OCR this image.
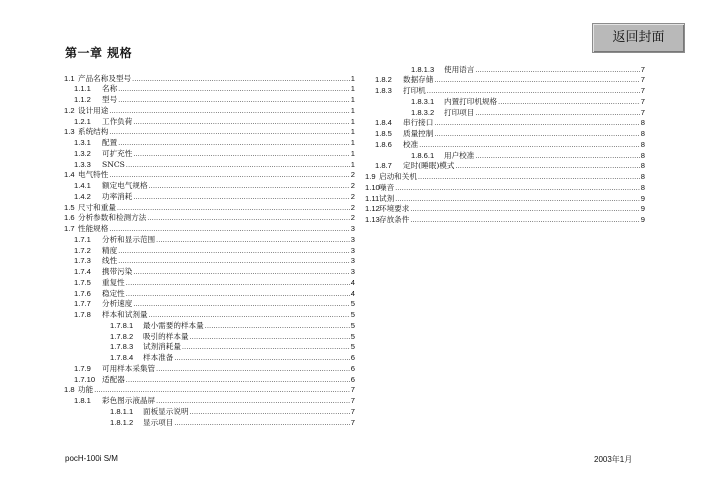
返回封面
第一章 规格
1.1 产品名称及型号 .....	1
1.1.1	名称 .....	1
1.1.2	型号 .....	1
1.2 设计用途 .....	1
1.2.1	工作负荷 .....	1
1.3 系统结构 .....	1
1.3.1	配置 .....	1
1.3.2	可扩充性 .....	1
1.3.3	SNCS .....	1
1.4 电气特性 .....	2
1.4.1	额定电气规格 .....	2
1.4.2	功率消耗 .....	2
1.5 尺寸和重量 .....	2
1.6 分析参数和检测方法 .....	2
1.7 性能规格 .....	3
1.7.1	分析和显示范围 .....	3
1.7.2	精度 .....	3
1.7.3	线性 .....	3
1.7.4	携带污染 .....	3
1.7.5	重复性 .....	4
1.7.6	稳定性 .....	4
1.7.7	分析速度 .....	5
1.7.8	样本和试剂量 .....	5
1.7.8.1	最小需要的样本量 .....	5
1.7.8.2	吸引的样本量 .....	5
1.7.8.3	试剂消耗量 .....	5
1.7.8.4	样本准备 .....	6
1.7.9	可用样本采集管 .....	6
1.7.10 适配器 .....	6
1.8 功能 .....	7
1.8.1	彩色图示液晶屏 .....	7
1.8.1.1	面板显示说明 .....	7
1.8.1.2	显示项目 .....	7
1.8.1.3	使用语言 .....	7
1.8.2	数据存储 .....	7
1.8.3	打印机 .....	7
1.8.3.1	内置打印机规格 .....	7
1.8.3.2	打印项目 .....	7
1.8.4	串行接口 .....	8
1.8.5	质量控制 .....	8
1.8.6	校准 .....	8
1.8.6.1	用户校准 .....	8
1.8.7	定时(睡眠)模式 .....	8
1.9 启动和关机 .....	8
1.10 噪音 .....	8
1.11 试剂 .....	9
1.12 环境要求 .....	9
1.13 存放条件 .....	9
pocH-100i S/M	2003年1月
